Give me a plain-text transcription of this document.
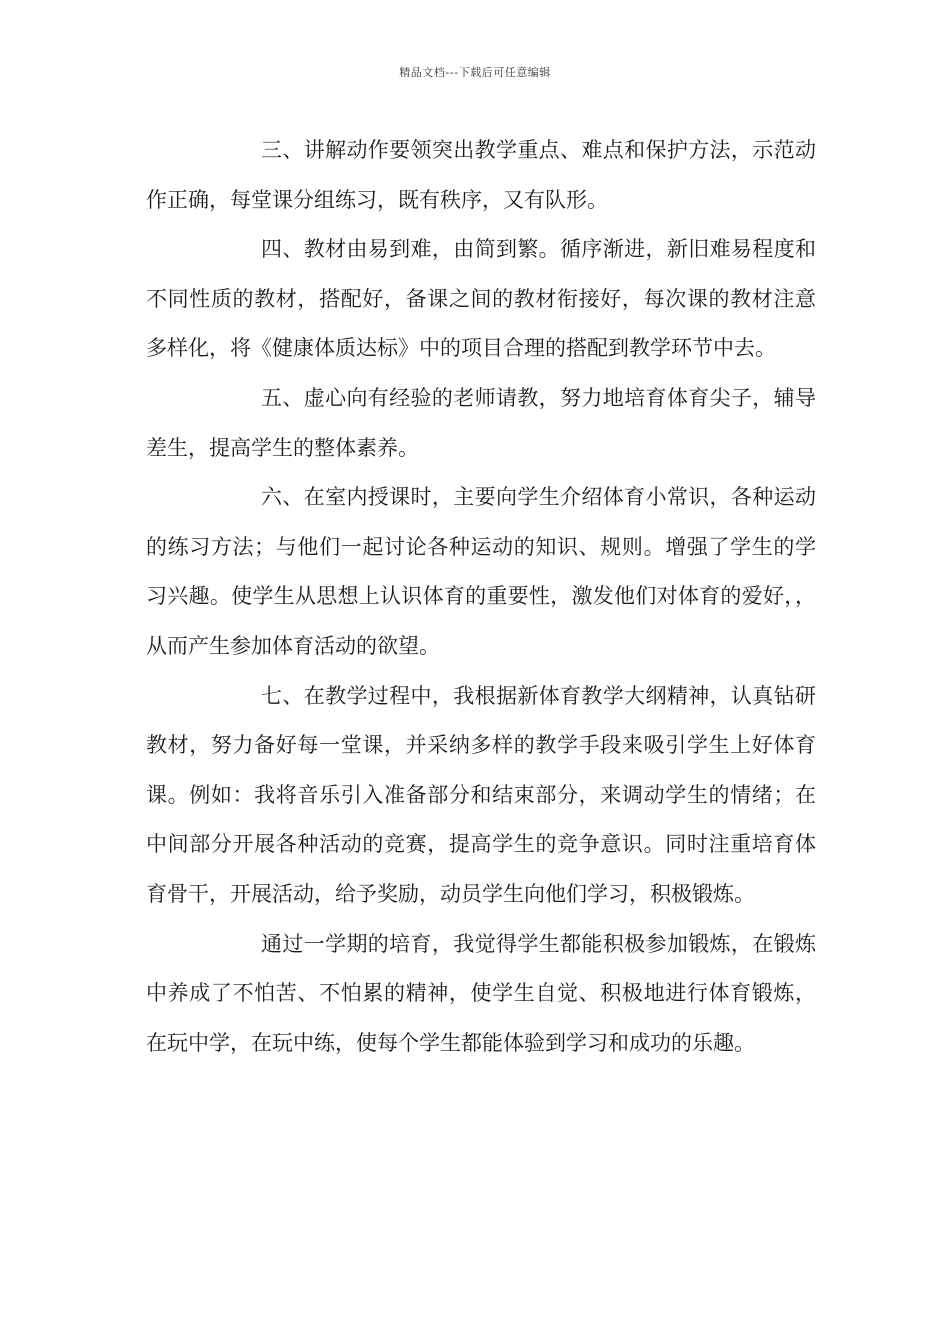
精品文档---下载后可任意编辑

三、讲解动作要领突出教学重点、难点和保护方法，示范动作正确，每堂课分组练习，既有秩序，又有队形。

四、教材由易到难，由简到繁。循序渐进，新旧难易程度和不同性质的教材，搭配好，备课之间的教材衔接好，每次课的教材注意多样化，将《健康体质达标》中的项目合理的搭配到教学环节中去。

五、虚心向有经验的老师请教，努力地培育体育尖子，辅导差生，提高学生的整体素养。

六、在室内授课时，主要向学生介绍体育小常识，各种运动的练习方法；与他们一起讨论各种运动的知识、规则。增强了学生的学习兴趣。使学生从思想上认识体育的重要性，激发他们对体育的爱好，，从而产生参加体育活动的欲望。

七、在教学过程中，我根据新体育教学大纲精神，认真钻研教材，努力备好每一堂课，并采纳多样的教学手段来吸引学生上好体育课。例如：我将音乐引入准备部分和结束部分，来调动学生的情绪；在中间部分开展各种活动的竞赛，提高学生的竞争意识。同时注重培育体育骨干，开展活动，给予奖励，动员学生向他们学习，积极锻炼。

通过一学期的培育，我觉得学生都能积极参加锻炼，在锻炼中养成了不怕苦、不怕累的精神，使学生自觉、积极地进行体育锻炼，在玩中学，在玩中练，使每个学生都能体验到学习和成功的乐趣。
